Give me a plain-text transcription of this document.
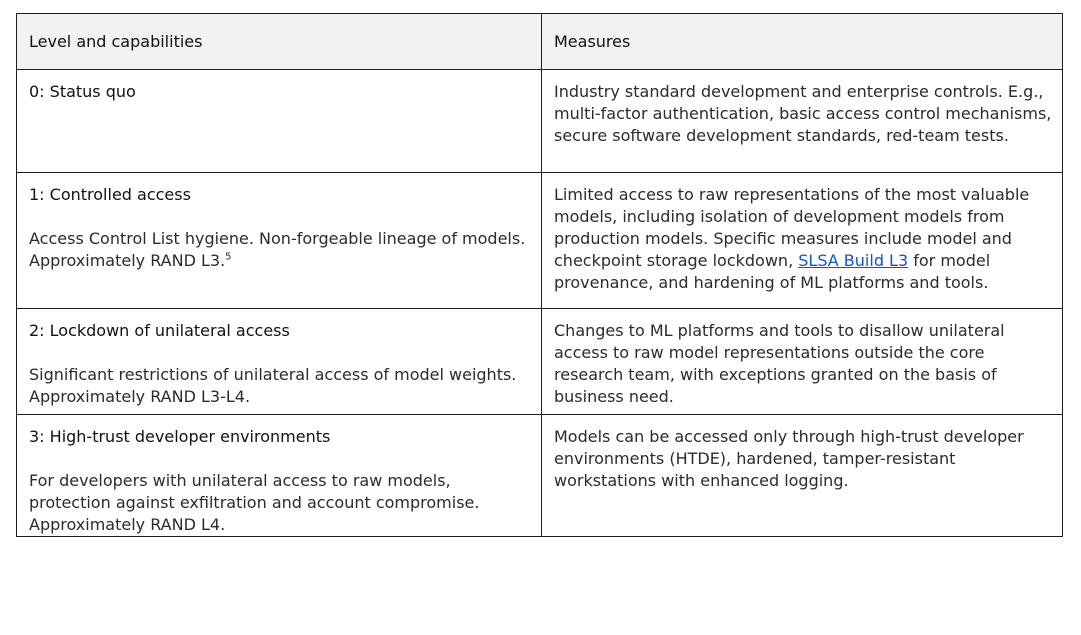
Level and capabilities	Measures

0: Status quo	Industry standard development and enterprise controls. E.g., multi-factor authentication, basic access control mechanisms, secure software development standards, red-team tests.

1: Controlled access
Access Control List hygiene. Non-forgeable lineage of models. Approximately RAND L3.$^5$	Limited access to raw representations of the most valuable models, including isolation of development models from production models. Specific measures include model and checkpoint storage lockdown, SLSA Build L3 for model provenance, and hardening of ML platforms and tools.

2: Lockdown of unilateral access
Significant restrictions of unilateral access of model weights. Approximately RAND L3-L4.	Changes to ML platforms and tools to disallow unilateral access to raw model representations outside the core research team, with exceptions granted on the basis of business need.

3: High-trust developer environments
For developers with unilateral access to raw models, protection against exfiltration and account compromise. Approximately RAND L4.	Models can be accessed only through high-trust developer environments (HTDE), hardened, tamper-resistant workstations with enhanced logging.
